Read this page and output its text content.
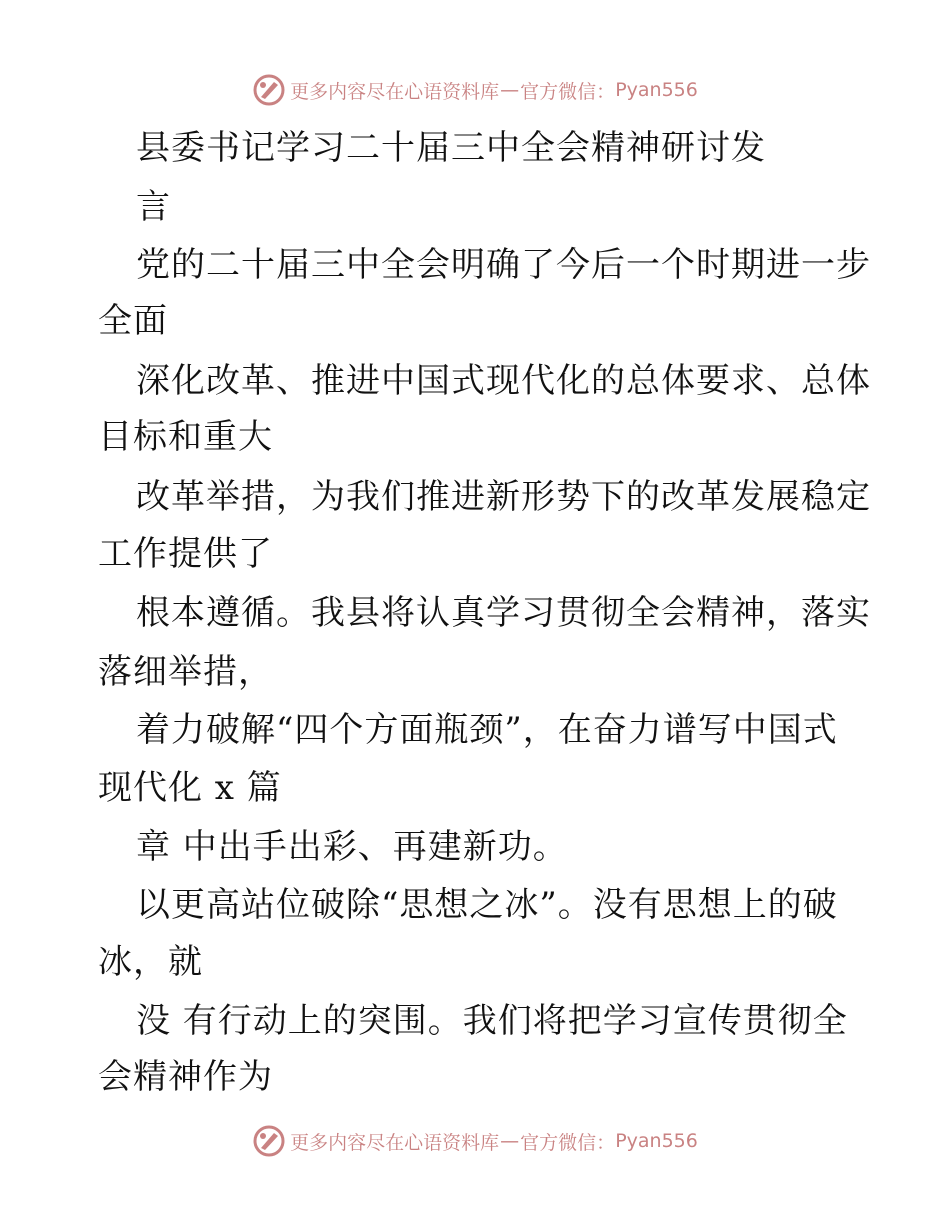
更多内容尽在心语资料库 — 官方微信： Pyan556
县委书记学习二十届三中全会精神研讨发
言
党的二十届三中全会明确了今后一个时期进一步
全面
深化改革、推进中国式现代化的总体要求、总体
目标和重大
改革举措，为我们推进新形势下的改革发展稳定
工作提供了
根本遵循。我县将认真学习贯彻全会精神，落实
落细举措，
着力破解“四个方面瓶颈”，在奋力谱写中国式
现代化 x 篇
章 中出手出彩、再建新功。
以更高站位破除“思想之冰”。没有思想上的破
冰，就
没 有行动上的突围。我们将把学习宣传贯彻全
会精神作为
更多内容尽在心语资料库 — 官方微信： Pyan556
